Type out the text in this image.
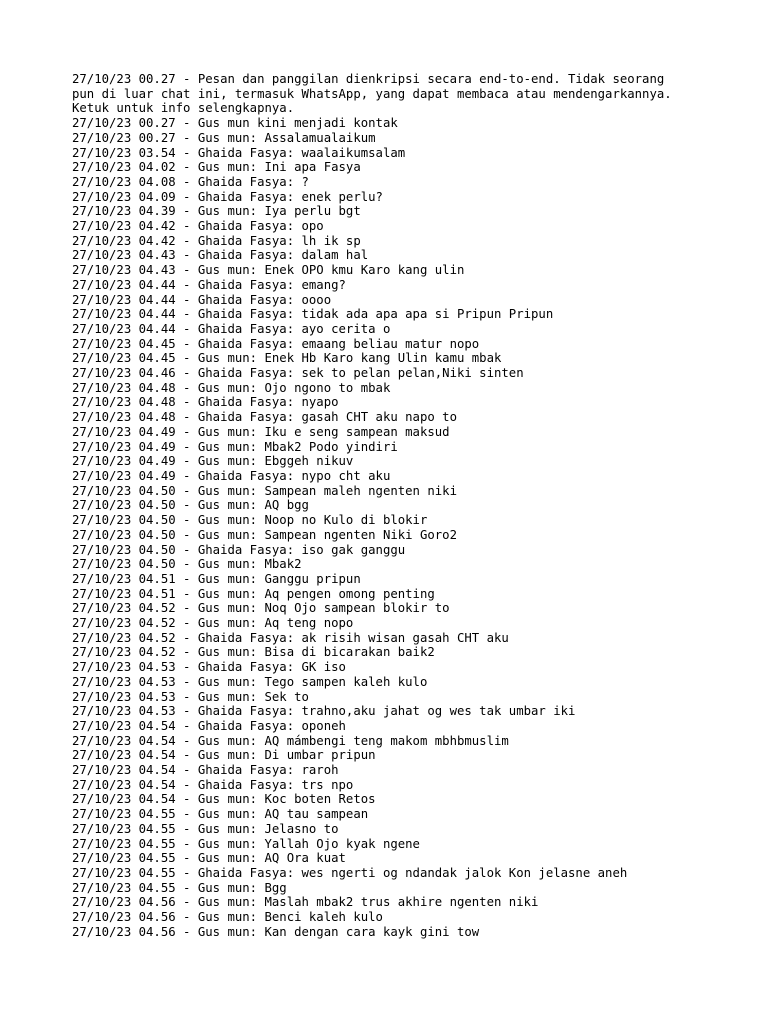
27/10/23 00.27 - Pesan dan panggilan dienkripsi secara end-to-end. Tidak seorang
pun di luar chat ini, termasuk WhatsApp, yang dapat membaca atau mendengarkannya.
Ketuk untuk info selengkapnya.
27/10/23 00.27 - Gus mun kini menjadi kontak
27/10/23 00.27 - Gus mun: Assalamualaikum
27/10/23 03.54 - Ghaida Fasya: waalaikumsalam
27/10/23 04.02 - Gus mun: Ini apa Fasya
27/10/23 04.08 - Ghaida Fasya: ?
27/10/23 04.09 - Ghaida Fasya: enek perlu?
27/10/23 04.39 - Gus mun: Iya perlu bgt
27/10/23 04.42 - Ghaida Fasya: opo
27/10/23 04.42 - Ghaida Fasya: lh ik sp
27/10/23 04.43 - Ghaida Fasya: dalam hal
27/10/23 04.43 - Gus mun: Enek OPO kmu Karo kang ulin
27/10/23 04.44 - Ghaida Fasya: emang?
27/10/23 04.44 - Ghaida Fasya: oooo
27/10/23 04.44 - Ghaida Fasya: tidak ada apa apa si Pripun Pripun
27/10/23 04.44 - Ghaida Fasya: ayo cerita o
27/10/23 04.45 - Ghaida Fasya: emaang beliau matur nopo
27/10/23 04.45 - Gus mun: Enek Hb Karo kang Ulin kamu mbak
27/10/23 04.46 - Ghaida Fasya: sek to pelan pelan,Niki sinten
27/10/23 04.48 - Gus mun: Ojo ngono to mbak
27/10/23 04.48 - Ghaida Fasya: nyapo
27/10/23 04.48 - Ghaida Fasya: gasah CHT aku napo to
27/10/23 04.49 - Gus mun: Iku e seng sampean maksud
27/10/23 04.49 - Gus mun: Mbak2 Podo yindiri
27/10/23 04.49 - Gus mun: Ebggeh nikuv
27/10/23 04.49 - Ghaida Fasya: nypo cht aku
27/10/23 04.50 - Gus mun: Sampean maleh ngenten niki
27/10/23 04.50 - Gus mun: AQ bgg
27/10/23 04.50 - Gus mun: Noop no Kulo di blokir
27/10/23 04.50 - Gus mun: Sampean ngenten Niki Goro2
27/10/23 04.50 - Ghaida Fasya: iso gak ganggu
27/10/23 04.50 - Gus mun: Mbak2
27/10/23 04.51 - Gus mun: Ganggu pripun
27/10/23 04.51 - Gus mun: Aq pengen omong penting
27/10/23 04.52 - Gus mun: Noq Ojo sampean blokir to
27/10/23 04.52 - Gus mun: Aq teng nopo
27/10/23 04.52 - Ghaida Fasya: ak risih wisan gasah CHT aku
27/10/23 04.52 - Gus mun: Bisa di bicarakan baik2
27/10/23 04.53 - Ghaida Fasya: GK iso
27/10/23 04.53 - Gus mun: Tego sampen kaleh kulo
27/10/23 04.53 - Gus mun: Sek to
27/10/23 04.53 - Ghaida Fasya: trahno,aku jahat og wes tak umbar iki
27/10/23 04.54 - Ghaida Fasya: oponeh
27/10/23 04.54 - Gus mun: AQ mámbengi teng makom mbhbmuslim
27/10/23 04.54 - Gus mun: Di umbar pripun
27/10/23 04.54 - Ghaida Fasya: raroh
27/10/23 04.54 - Ghaida Fasya: trs npo
27/10/23 04.54 - Gus mun: Koc boten Retos
27/10/23 04.55 - Gus mun: AQ tau sampean
27/10/23 04.55 - Gus mun: Jelasno to
27/10/23 04.55 - Gus mun: Yallah Ojo kyak ngene
27/10/23 04.55 - Gus mun: AQ Ora kuat
27/10/23 04.55 - Ghaida Fasya: wes ngerti og ndandak jalok Kon jelasne aneh
27/10/23 04.55 - Gus mun: Bgg
27/10/23 04.56 - Gus mun: Maslah mbak2 trus akhire ngenten niki
27/10/23 04.56 - Gus mun: Benci kaleh kulo
27/10/23 04.56 - Gus mun: Kan dengan cara kayk gini tow
